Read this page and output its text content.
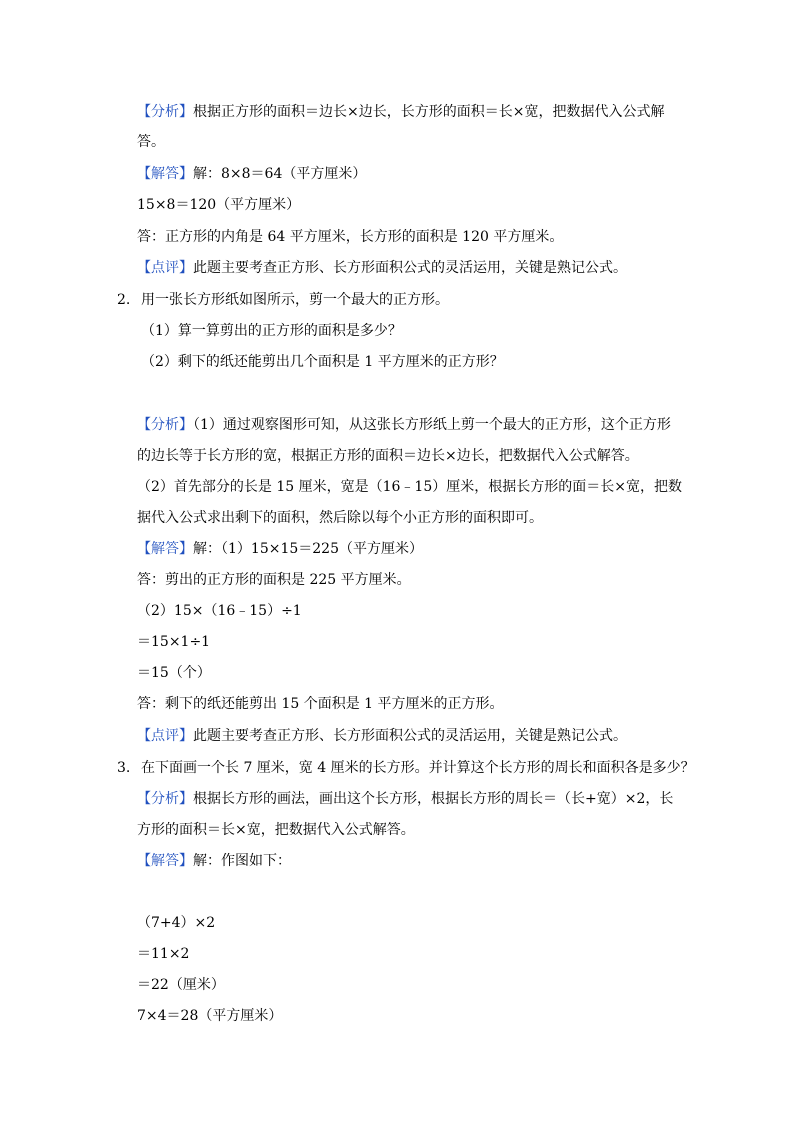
【分析】根据正方形的面积＝边长×边长，长方形的面积＝长×宽，把数据代入公式解
答。
【解答】解：8×8＝64（平方厘米）
15×8＝120（平方厘米）
答：正方形的内角是 64 平方厘米，长方形的面积是 120 平方厘米。
【点评】此题主要考查正方形、长方形面积公式的灵活运用，关键是熟记公式。
2. 用一张长方形纸如图所示，剪一个最大的正方形。
（1）算一算剪出的正方形的面积是多少？
（2）剩下的纸还能剪出几个面积是 1 平方厘米的正方形？
【分析】（1）通过观察图形可知，从这张长方形纸上剪一个最大的正方形，这个正方形
的边长等于长方形的宽，根据正方形的面积＝边长×边长，把数据代入公式解答。
（2）首先部分的长是 15 厘米，宽是（16﹣15）厘米，根据长方形的面＝长×宽，把数
据代入公式求出剩下的面积，然后除以每个小正方形的面积即可。
【解答】解：（1）15×15＝225（平方厘米）
答：剪出的正方形的面积是 225 平方厘米。
（2）15×（16﹣15）÷1
＝15×1÷1
＝15（个）
答：剩下的纸还能剪出 15 个面积是 1 平方厘米的正方形。
【点评】此题主要考查正方形、长方形面积公式的灵活运用，关键是熟记公式。
3. 在下面画一个长 7 厘米，宽 4 厘米的长方形。并计算这个长方形的周长和面积各是多少？
【分析】根据长方形的画法，画出这个长方形，根据长方形的周长＝（长+宽）×2，长
方形的面积＝长×宽，把数据代入公式解答。
【解答】解：作图如下：
（7+4）×2
＝11×2
＝22（厘米）
7×4＝28（平方厘米）
